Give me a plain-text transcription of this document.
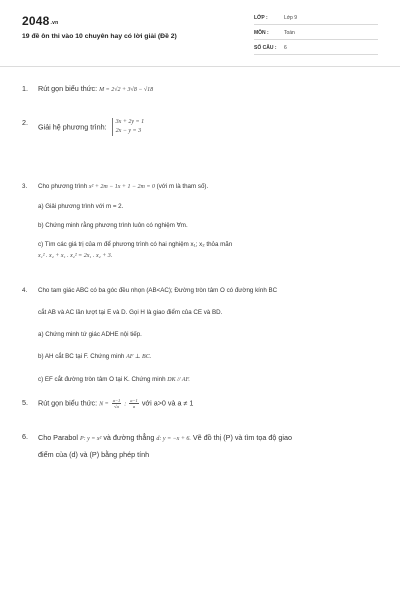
$2048_{.vn}$
19 đề ôn thi vào 10 chuyên hay có lời giải (Đề 2)
LỚP :	Lớp 9
MÔN :	Toán
SỐ CÂU : 6
1. Rút gọn biểu thức: M = 2√2 + 3√8 − √18
2. Giải hệ phương trình:
3x + 2y = 1
2x − y = 3
3. Cho phương trình x² + 2m − 1x + 1 − 2m = 0 (với m là tham số).
a) Giải phương trình với m = 2.
b) Chứng minh rằng phương trình luôn có nghiệm ∀m.
c) Tìm các giá trị của m để phương trình có hai nghiệm x₁; x₂ thỏa mãn
x₁² . x₂ + x₁ . x₂² = 2x₁ . x₂ + 3.
4. Cho tam giác ABC có ba góc đều nhọn (AB<AC); Đường tròn tâm O có đường kính BC
cắt AB và AC lần lượt tại E và D. Gọi H là giao điểm của CE và BD.
a) Chứng minh tứ giác ADHE nội tiếp.
b) AH cắt BC tại F. Chứng minh AF ⊥ BC.
c) EF cắt đường tròn tâm O tại K. Chứng minh DK // AF.
5. Rút gọn biểu thức: $N = \frac{a-1}{√a}$ : $\frac{a-1}{a}$ với a>0 và a ≠ 1
6. Cho Parabol P: y = x² và đường thẳng d: y = −x + 6. Vẽ đồ thị (P) và tìm tọa độ giao
điểm của (d) và (P) bằng phép tính
